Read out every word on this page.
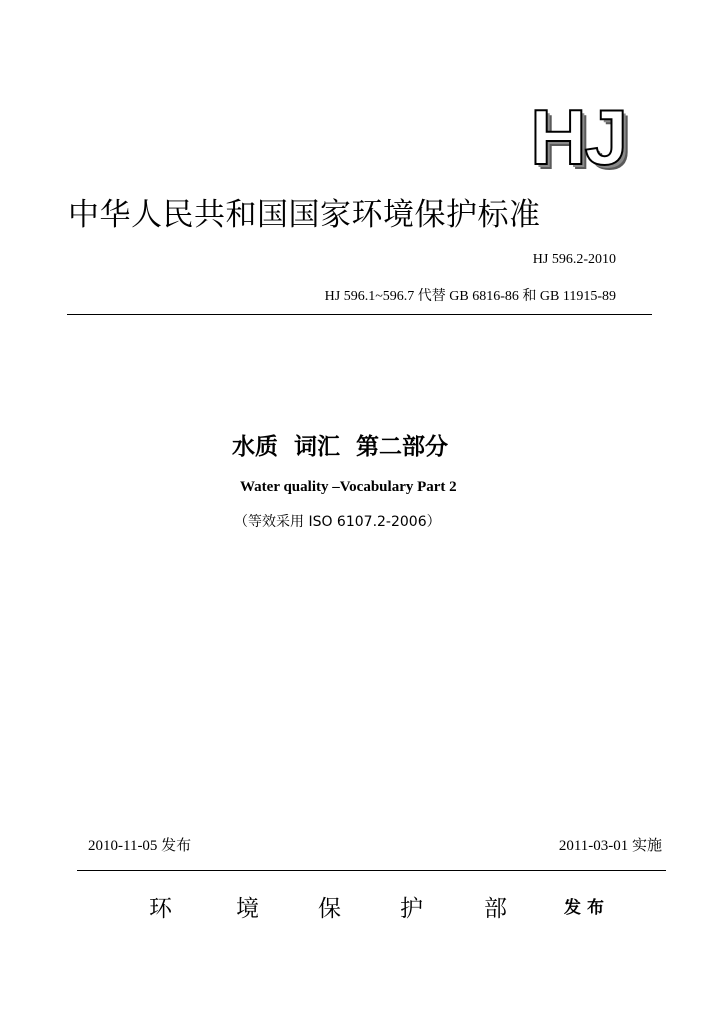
HJ
中华人民共和国国家环境保护标准
HJ 596.2-2010
HJ 596.1~596.7 代替 GB 6816-86 和 GB 11915-89
水质  词汇  第二部分
Water quality –Vocabulary Part 2
（等效采用 ISO 6107.2-2006）
2010-11-05 发布	2011-03-01 实施
环	境	保	护	部	发布
